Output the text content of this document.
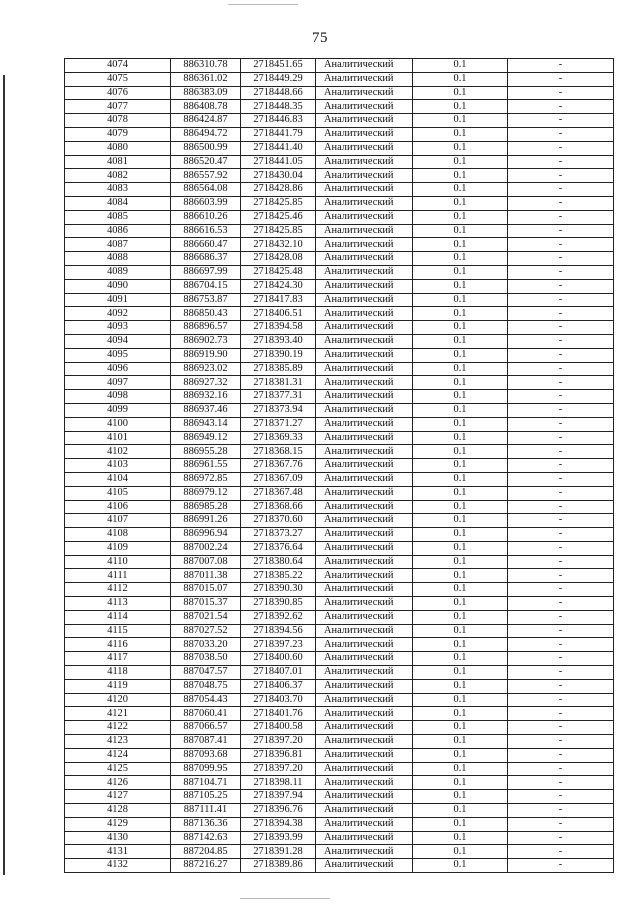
75
4074	886310.78	2718451.65	Аналитический	0.1	-
4075	886361.02	2718449.29	Аналитический	0.1	-
4076	886383.09	2718448.66	Аналитический	0.1	-
4077	886408.78	2718448.35	Аналитический	0.1	-
4078	886424.87	2718446.83	Аналитический	0.1	-
4079	886494.72	2718441.79	Аналитический	0.1	-
4080	886500.99	2718441.40	Аналитический	0.1	-
4081	886520.47	2718441.05	Аналитический	0.1	-
4082	886557.92	2718430.04	Аналитический	0.1	-
4083	886564.08	2718428.86	Аналитический	0.1	-
4084	886603.99	2718425.85	Аналитический	0.1	-
4085	886610.26	2718425.46	Аналитический	0.1	-
4086	886616.53	2718425.85	Аналитический	0.1	-
4087	886660.47	2718432.10	Аналитический	0.1	-
4088	886686.37	2718428.08	Аналитический	0.1	-
4089	886697.99	2718425.48	Аналитический	0.1	-
4090	886704.15	2718424.30	Аналитический	0.1	-
4091	886753.87	2718417.83	Аналитический	0.1	-
4092	886850.43	2718406.51	Аналитический	0.1	-
4093	886896.57	2718394.58	Аналитический	0.1	-
4094	886902.73	2718393.40	Аналитический	0.1	-
4095	886919.90	2718390.19	Аналитический	0.1	-
4096	886923.02	2718385.89	Аналитический	0.1	-
4097	886927.32	2718381.31	Аналитический	0.1	-
4098	886932.16	2718377.31	Аналитический	0.1	-
4099	886937.46	2718373.94	Аналитический	0.1	-
4100	886943.14	2718371.27	Аналитический	0.1	-
4101	886949.12	2718369.33	Аналитический	0.1	-
4102	886955.28	2718368.15	Аналитический	0.1	-
4103	886961.55	2718367.76	Аналитический	0.1	-
4104	886972.85	2718367.09	Аналитический	0.1	-
4105	886979.12	2718367.48	Аналитический	0.1	-
4106	886985.28	2718368.66	Аналитический	0.1	-
4107	886991.26	2718370.60	Аналитический	0.1	-
4108	886996.94	2718373.27	Аналитический	0.1	-
4109	887002.24	2718376.64	Аналитический	0.1	-
4110	887007.08	2718380.64	Аналитический	0.1	-
4111	887011.38	2718385.22	Аналитический	0.1	-
4112	887015.07	2718390.30	Аналитический	0.1	-
4113	887015.37	2718390.85	Аналитический	0.1	-
4114	887021.54	2718392.62	Аналитический	0.1	-
4115	887027.52	2718394.56	Аналитический	0.1	-
4116	887033.20	2718397.23	Аналитический	0.1	-
4117	887038.50	2718400.60	Аналитический	0.1	-
4118	887047.57	2718407.01	Аналитический	0.1	-
4119	887048.75	2718406.37	Аналитический	0.1	-
4120	887054.43	2718403.70	Аналитический	0.1	-
4121	887060.41	2718401.76	Аналитический	0.1	-
4122	887066.57	2718400.58	Аналитический	0.1	-
4123	887087.41	2718397.20	Аналитический	0.1	-
4124	887093.68	2718396.81	Аналитический	0.1	-
4125	887099.95	2718397.20	Аналитический	0.1	-
4126	887104.71	2718398.11	Аналитический	0.1	-
4127	887105.25	2718397.94	Аналитический	0.1	-
4128	887111.41	2718396.76	Аналитический	0.1	-
4129	887136.36	2718394.38	Аналитический	0.1	-
4130	887142.63	2718393.99	Аналитический	0.1	-
4131	887204.85	2718391.28	Аналитический	0.1	-
4132	887216.27	2718389.86	Аналитический	0.1	-
